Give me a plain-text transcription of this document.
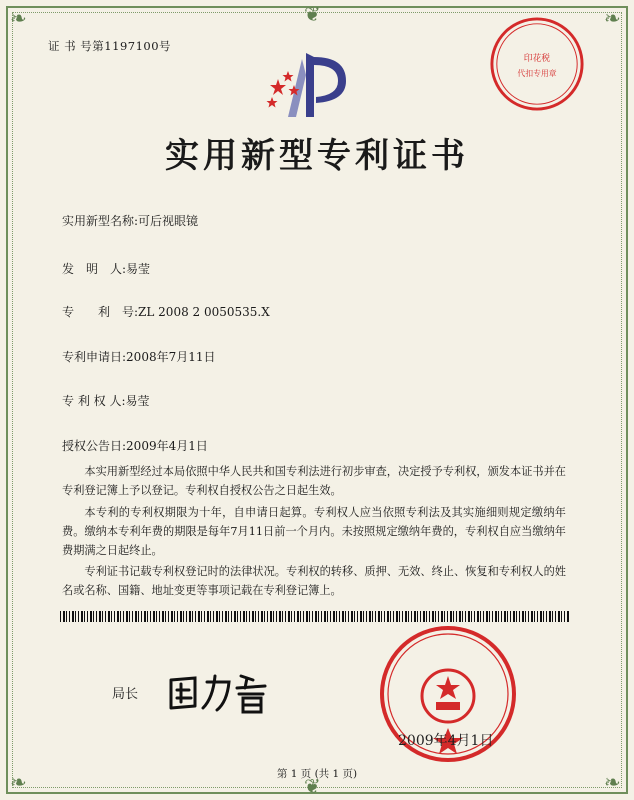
❦
❦
❧	❧
❧	❧
证 书 号第1197100号
印花税
代扣专用章
实用新型专利证书
实用新型名称:可后视眼镜
发　明　人:易莹
专　　利　号:ZL 2008 2 0050535.X
专利申请日:2008年7月11日
专 利 权 人:易莹
授权公告日:2009年4月1日
本实用新型经过本局依照中华人民共和国专利法进行初步审查，决定授予专利权，颁发本证书并在专利登记簿上予以登记。专利权自授权公告之日起生效。
本专利的专利权期限为十年，自申请日起算。专利权人应当依照专利法及其实施细则规定缴纳年费。缴纳本专利年费的期限是每年7月11日前一个月内。未按照规定缴纳年费的，专利权自应当缴纳年费期满之日起终止。
专利证书记载专利权登记时的法律状况。专利权的转移、质押、无效、终止、恢复和专利权人的姓名或名称、国籍、地址变更等事项记载在专利登记簿上。
局长
2009年4月1日
第 1 页 (共 1 页)
